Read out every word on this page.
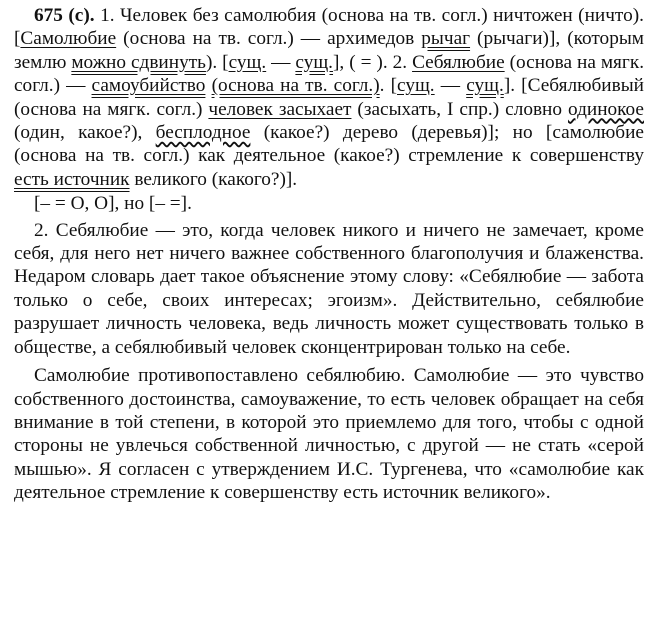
675 (с). 1. Человек без самолюбия (основа на тв. согл.) ничтожен (ничто). [Самолюбие (основа на тв. согл.) — архимедов рычаг (рычаги)], (которым землю можно сдвинуть). [сущ. — сущ.], ( = ). 2. Себялюбие (основа на мягк. согл.) — самоубийство (основа на тв. согл.). [сущ. — сущ.]. [Себялюбивый (основа на мягк. согл.) человек засыхает (засыхать, I спр.) словно одинокое (один, какое?), бесплодное (какое?) дерево (деревья)]; но [самолюбие (основа на тв. согл.) как деятельное (какое?) стремление к совершенству есть источник великого (какого?)].

[– = О, О], но [– =].

2. Себялюбие — это, когда человек никого и ничего не замечает, кроме себя, для него нет ничего важнее собственного благополучия и блаженства. Недаром словарь дает такое объяснение этому слову: «Себялюбие — забота только о себе, своих интересах; эгоизм». Действительно, себялюбие разрушает личность человека, ведь личность может существовать только в обществе, а себялюбивый человек сконцентрирован только на себе.

Самолюбие противопоставлено себялюбию. Самолюбие — это чувство собственного достоинства, самоуважение, то есть человек обращает на себя внимание в той степени, в которой это приемлемо для того, чтобы с одной стороны не увлечься собственной личностью, с другой — не стать «серой мышью». Я согласен с утверждением И.С. Тургенева, что «самолюбие как деятельное стремление к совершенству есть источник великого».
